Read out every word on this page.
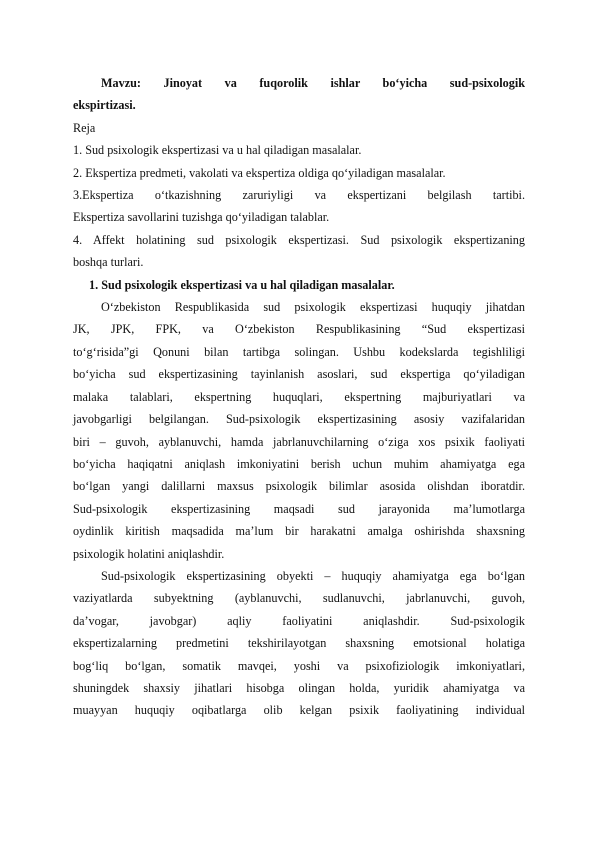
Mavzu: Jinoyat va fuqorolik ishlar bo‘yicha sud-psixologik
ekspirtizasi.
Reja
1. Sud psixologik ekspertizasi va u hal qiladigan masalalar.
2. Ekspertiza predmeti, vakolati va ekspertiza oldiga qo‘yiladigan masalalar.
3.Ekspertiza o‘tkazishning zaruriyligi va ekspertizani belgilash tartibi.
Ekspertiza savollarini tuzishga qo‘yiladigan talablar.
4. Affekt holatining sud psixologik ekspertizasi. Sud psixologik ekspertizaning
boshqa turlari.
1. Sud psixologik ekspertizasi va u hal qiladigan masalalar.
O‘zbekiston Respublikasida sud psixologik ekspertizasi huquqiy jihatdan
JK, JPK, FPK, va O‘zbekiston Respublikasining “Sud ekspertizasi
to‘g‘risida”gi Qonuni bilan tartibga solingan. Ushbu kodekslarda tegishliligi
bo‘yicha sud ekspertizasining tayinlanish asoslari, sud ekspertiga qo‘yiladigan
malaka talablari, ekspertning huquqlari, ekspertning majburiyatlari va
javobgarligi belgilangan. Sud-psixologik ekspertizasining asosiy vazifalaridan
biri – guvoh, ayblanuvchi, hamda jabrlanuvchilarning o‘ziga xos psixik faoliyati
bo‘yicha haqiqatni aniqlash imkoniyatini berish uchun muhim ahamiyatga ega
bo‘lgan yangi dalillarni maxsus psixologik bilimlar asosida olishdan iboratdir.
Sud-psixologik ekspertizasining maqsadi sud jarayonida ma’lumotlarga
oydinlik kiritish maqsadida ma’lum bir harakatni amalga oshirishda shaxsning
psixologik holatini aniqlashdir.
Sud-psixologik ekspertizasining obyekti – huquqiy ahamiyatga ega bo‘lgan
vaziyatlarda subyektning (ayblanuvchi, sudlanuvchi, jabrlanuvchi, guvoh,
da’vogar, javobgar) aqliy faoliyatini aniqlashdir. Sud-psixologik
ekspertizalarning predmetini tekshirilayotgan shaxsning emotsional holatiga
bog‘liq bo‘lgan, somatik mavqei, yoshi va psixofiziologik imkoniyatlari,
shuningdek shaxsiy jihatlari hisobga olingan holda, yuridik ahamiyatga va
muayyan huquqiy oqibatlarga olib kelgan psixik faoliyatining individual
